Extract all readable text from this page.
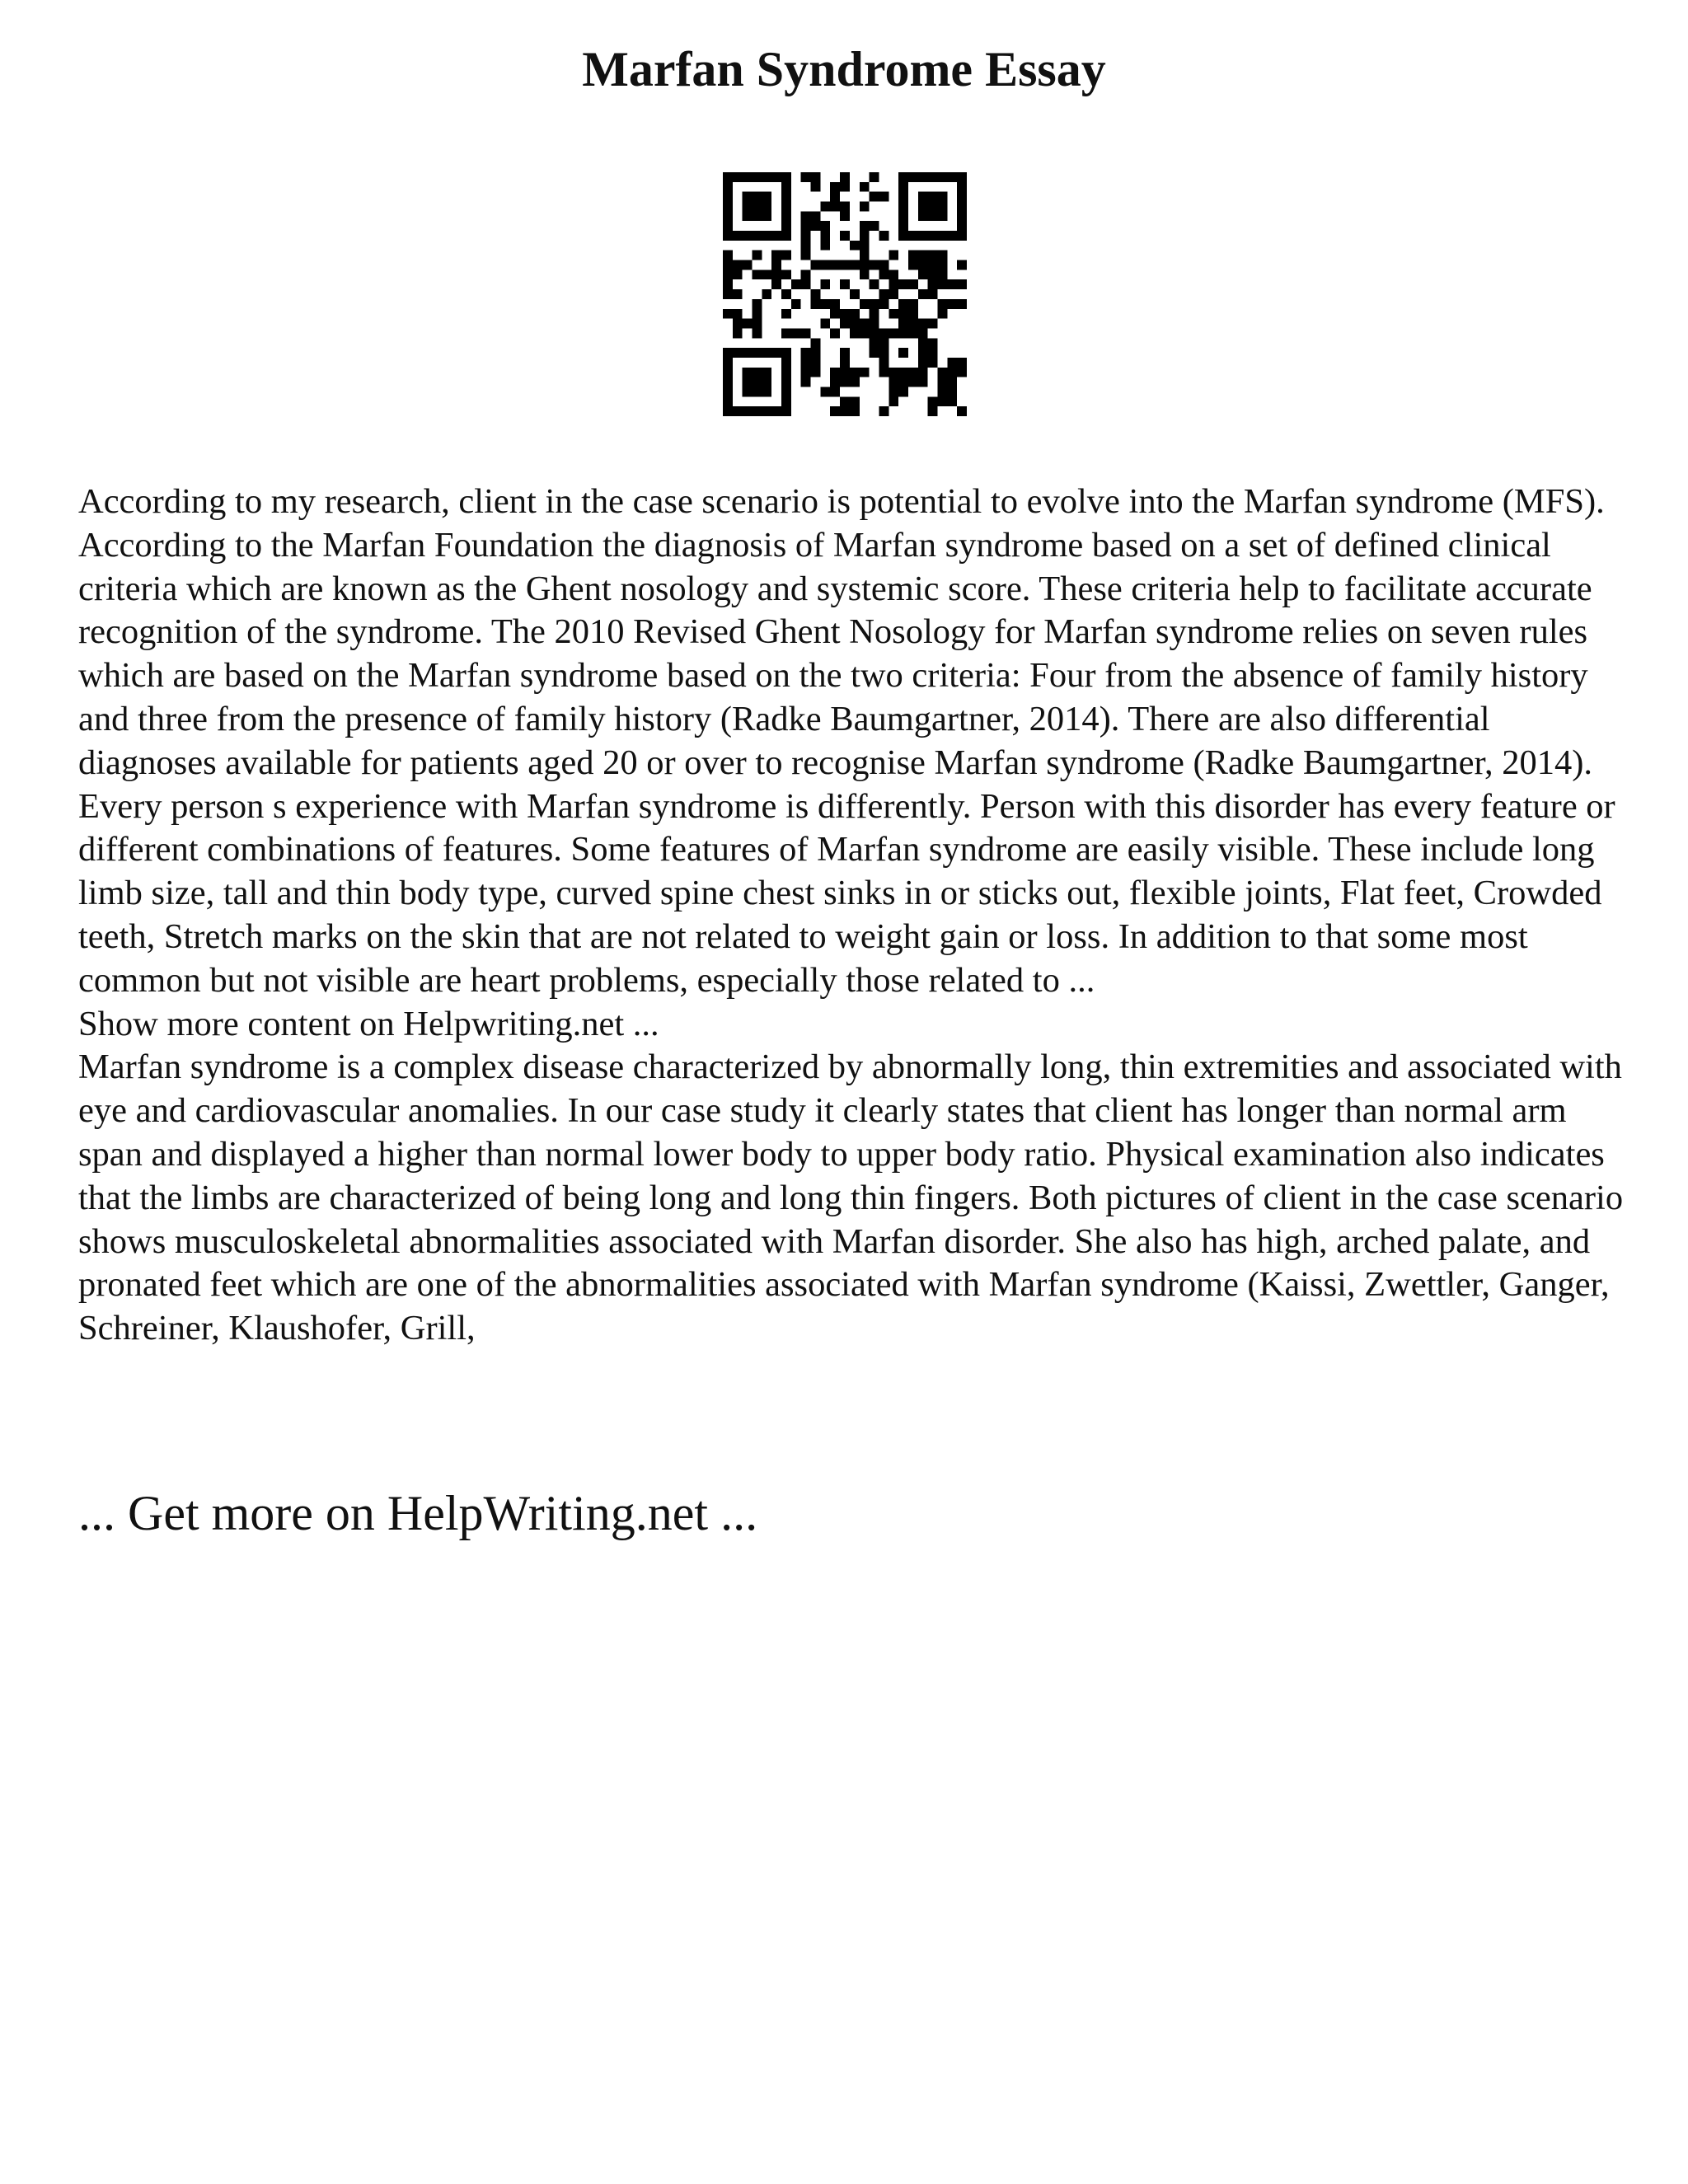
Marfan Syndrome Essay

According to my research, client in the case scenario is potential to evolve into the Marfan syndrome (MFS). According to the Marfan Foundation the diagnosis of Marfan syndrome based on a set of defined clinical criteria which are known as the Ghent nosology and systemic score. These criteria help to facilitate accurate recognition of the syndrome. The 2010 Revised Ghent Nosology for Marfan syndrome relies on seven rules which are based on the Marfan syndrome based on the two criteria: Four from the absence of family history and three from the presence of family history (Radke Baumgartner, 2014). There are also differential diagnoses available for patients aged 20 or over to recognise Marfan syndrome (Radke Baumgartner, 2014).

Every person s experience with Marfan syndrome is differently. Person with this disorder has every feature or different combinations of features. Some features of Marfan syndrome are easily visible. These include long limb size, tall and thin body type, curved spine chest sinks in or sticks out, flexible joints, Flat feet, Crowded teeth, Stretch marks on the skin that are not related to weight gain or loss. In addition to that some most common but not visible are heart problems, especially those related to ...

Show more content on Helpwriting.net ...

Marfan syndrome is a complex disease characterized by abnormally long, thin extremities and associated with eye and cardiovascular anomalies. In our case study it clearly states that client has longer than normal arm span and displayed a higher than normal lower body to upper body ratio. Physical examination also indicates that the limbs are characterized of being long and long thin fingers. Both pictures of client in the case scenario shows musculoskeletal abnormalities associated with Marfan disorder. She also has high, arched palate, and pronated feet which are one of the abnormalities associated with Marfan syndrome (Kaissi, Zwettler, Ganger, Schreiner, Klaushofer, Grill,

... Get more on HelpWriting.net ...
